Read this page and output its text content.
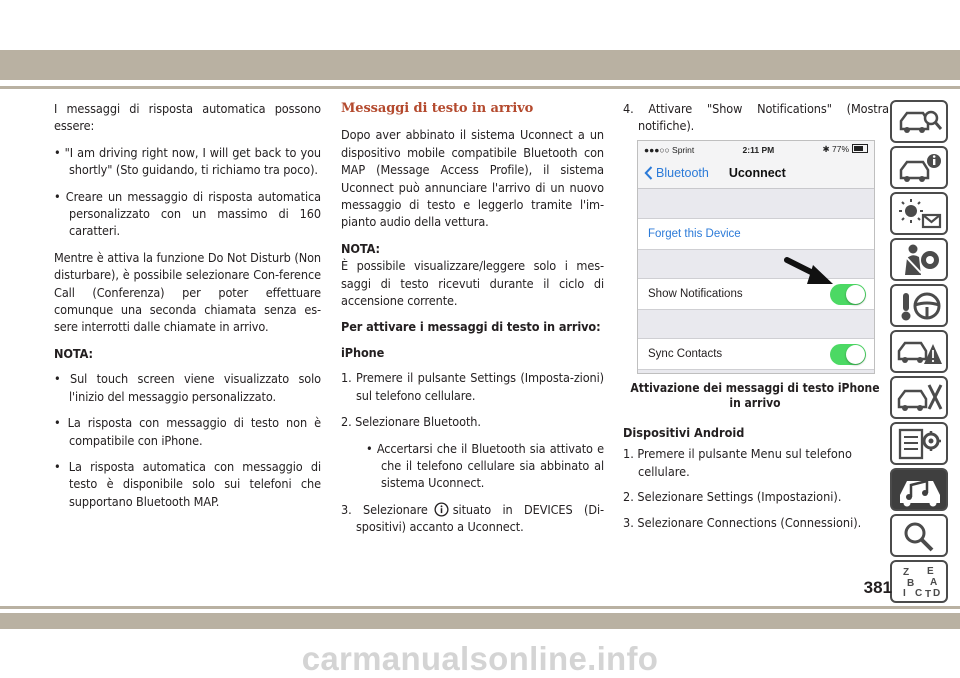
I messaggi di risposta automatica possono essere:

• "I am driving right now, I will get back to you shortly" (Sto guidando, ti richiamo tra poco).

• Creare un messaggio di risposta automatica personalizzato con un massimo di 160 caratteri.

Mentre è attiva la funzione Do Not Disturb (Non disturbare), è possibile selezionare Con-ference Call (Conferenza) per poter effettuare comunque una seconda chiamata senza es-sere interrotti dalle chiamate in arrivo.

NOTA:

• Sul touch screen viene visualizzato solo l'inizio del messaggio personalizzato.

• La risposta con messaggio di testo non è compatibile con iPhone.

• La risposta automatica con messaggio di testo è disponibile solo sui telefoni che supportano Bluetooth MAP.

Messaggi di testo in arrivo

Dopo aver abbinato il sistema Uconnect a un dispositivo mobile compatibile Bluetooth con MAP (Message Access Profile), il sistema Uconnect può annunciare l'arrivo di un nuovo messaggio di testo e leggerlo tramite l'im-pianto audio della vettura.

NOTA:

È possibile visualizzare/leggere solo i mes-saggi di testo ricevuti durante il ciclo di accensione corrente.

Per attivare i messaggi di testo in arrivo:

iPhone

1. Premere il pulsante Settings (Imposta-zioni) sul telefono cellulare.

2. Selezionare Bluetooth.

• Accertarsi che il Bluetooth sia attivato e che il telefono cellulare sia abbinato al sistema Uconnect.

3. Selezionare situato in DEVICES (Di-spositivi) accanto a Uconnect.

4. Attivare "Show Notifications" (Mostra notifiche).

●●●○○ Sprint	2:11 PM	✱ 77%
Bluetooth Uconnect
Forget this Device
Show Notifications
Sync Contacts
Attivazione dei messaggi di testo iPhone in arrivo

Dispositivi Android

1. Premere il pulsante Menu sul telefono cellulare.

2. Selezionare Settings (Impostazioni).

3. Selezionare Connections (Connessioni).

Z E
B A
I C T D
381
carmanualsonline.info
